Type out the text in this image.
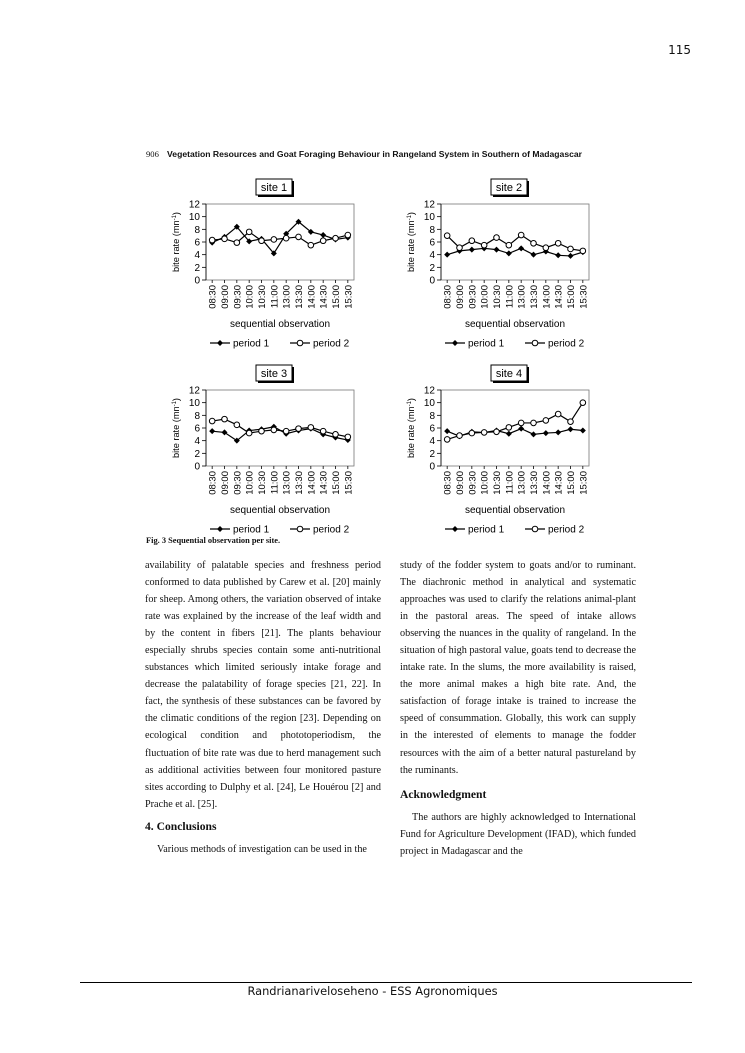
115
906 Vegetation Resources and Goat Foraging Behaviour in Rangeland System in Southern of Madagascar
site 1
0
2
4
6
8
10
12
bite rate $(mn^{-1})$
08:30 09:00 09:30 10:00 10:30 11:00 13:00 13:30 14:00 14:30 15:00 15:30
sequential observation
period 1	period 2
site 2
0
2
4
6
8
10
12
bite rate $(mn^{-1})$
08:30 09:00 09:30 10:00 10:30 11:00 13:00 13:30 14:00 14:30 15:00 15:30
sequential observation
period 1	period 2
site 3
0
2
4
6
8
10
12
bite rate $(mn^{-1})$
08:30 09:00 09:30 10:00 10:30 11:00 13:00 13:30 14:00 14:30 15:00 15:30
sequential observation
period 1	period 2
site 4
0
2
4
6
8
10
12
bite rate $(mn^{-1})$
08:30 09:00 09:30 10:00 10:30 11:00 13:00 13:30 14:00 14:30 15:00 15:30
sequential observation
period 1	period 2
Fig. 3 Sequential observation per site.

availability of palatable species and freshness period conformed to data published by Carew et al. [20] mainly for sheep. Among others, the variation observed of intake rate was explained by the increase of the leaf width and by the content in fibers [21]. The plants behaviour especially shrubs species contain some anti-nutritional substances which limited seriously intake forage and decrease the palatability of forage species [21, 22]. In fact, the synthesis of these substances can be favored by the climatic conditions of the region [23]. Depending on ecological condition and phototoperiodism, the fluctuation of bite rate was due to herd management such as additional activities between four monitored pasture sites according to Dulphy et al. [24], Le Houérou [2] and Prache et al. [25].

4. Conclusions

Various methods of investigation can be used in the

study of the fodder system to goats and/or to ruminant. The diachronic method in analytical and systematic approaches was used to clarify the relations animal-plant in the pastoral areas. The speed of intake allows observing the nuances in the quality of rangeland. In the situation of high pastoral value, goats tend to decrease the intake rate. In the slums, the more availability is raised, the more animal makes a high bite rate. And, the satisfaction of forage intake is trained to increase the speed of consummation. Globally, this work can supply in the interested of elements to manage the fodder resources with the aim of a better natural pastureland by the ruminants.

Acknowledgment

The authors are highly acknowledged to International Fund for Agriculture Development (IFAD), which funded project in Madagascar and the

Randrianariveloseheno - ESS Agronomiques
